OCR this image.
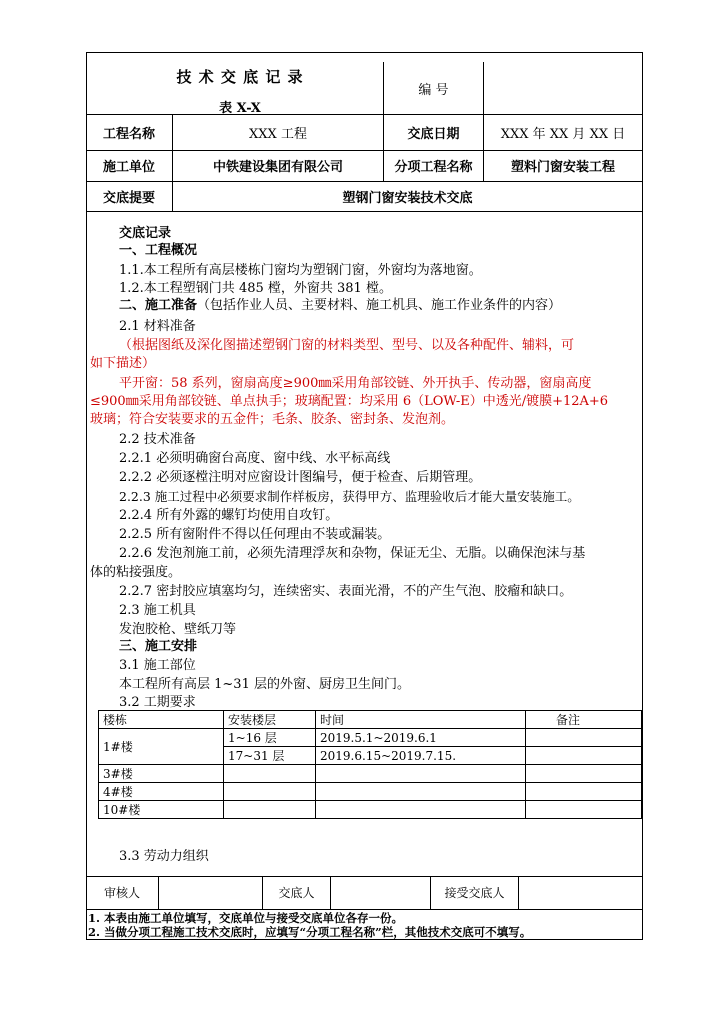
技 术 交 底 记 录
表 X-X
编 号
工程名称	XXX 工程	交底日期	XXX 年 XX 月 XX 日
施工单位	中铁建设集团有限公司	分项工程名称	塑料门窗安装工程
交底提要	塑钢门窗安装技术交底
交底记录
一、工程概况
1.1.本工程所有高层楼栋门窗均为塑钢门窗，外窗均为落地窗。
1.2.本工程塑钢门共 485 樘，外窗共 381 樘。
二、施工准备（包括作业人员、主要材料、施工机具、施工作业条件的内容）
2.1 材料准备
（根据图纸及深化图描述塑钢门窗的材料类型、型号、以及各种配件、辅料，可
如下描述）
平开窗：58 系列，窗扇高度≥900㎜采用角部铰链、外开执手、传动器，窗扇高度
≤900㎜采用角部铰链、单点执手；玻璃配置：均采用 6（LOW-E）中透光/镀膜+12A+6
玻璃；符合安装要求的五金件；毛条、胶条、密封条、发泡剂。
2.2 技术准备
2.2.1 必须明确窗台高度、窗中线、水平标高线
2.2.2 必须逐樘注明对应窗设计图编号，便于检查、后期管理。
2.2.3 施工过程中必须要求制作样板房，获得甲方、监理验收后才能大量安装施工。
2.2.4 所有外露的螺钉均使用自攻钉。
2.2.5 所有窗附件不得以任何理由不装或漏装。
2.2.6 发泡剂施工前，必须先清理浮灰和杂物，保证无尘、无脂。以确保泡沫与基
体的粘接强度。
2.2.7 密封胶应填塞均匀，连续密实、表面光滑，不的产生气泡、胶瘤和缺口。
2.3 施工机具
发泡胶枪、壁纸刀等
三、施工安排
3.1 施工部位
本工程所有高层 1~31 层的外窗、厨房卫生间门。
3.2 工期要求
楼栋	安装楼层	时间	备注
1#楼	1~16 层	2019.5.1~2019.6.1	
	17~31 层	2019.6.15~2019.7.15.	
3#楼			
4#楼			
10#楼			
3.3 劳动力组织
审核人	交底人	接受交底人
1. 本表由施工单位填写，交底单位与接受交底单位各存一份。
2. 当做分项工程施工技术交底时，应填写“分项工程名称”栏，其他技术交底可不填写。
